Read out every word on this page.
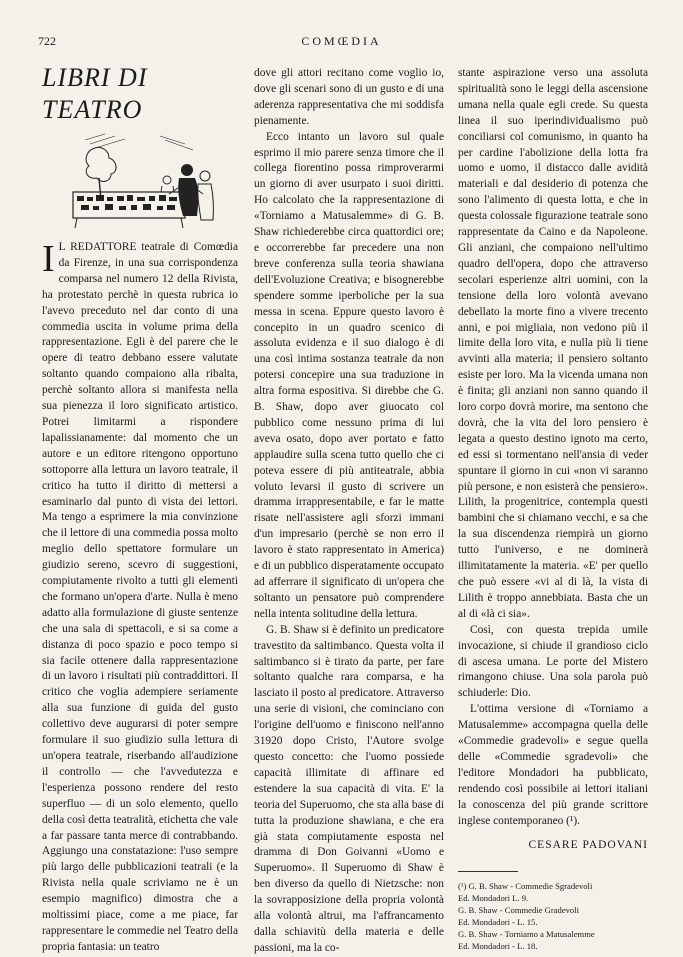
722	COMŒDIA
LIBRI DI TEATRO

I L REDATTORE teatrale di Comœdia da Firenze, in una sua corrispondenza comparsa nel numero 12 della Rivista, ha protestato perchè in questa rubrica io l'avevo preceduto nel dar conto di una commedia uscita in volume prima della rappresentazione. Egli è del parere che le opere di teatro debbano essere valutate soltanto quando compaiono alla ribalta, perchè soltanto allora si manifesta nella sua pienezza il loro significato artistico. Potrei limitarmi a rispondere lapalissianamente: dal momento che un autore e un editore ritengono opportuno sottoporre alla lettura un lavoro teatrale, il critico ha tutto il diritto di mettersi a esaminarlo dal punto di vista dei lettori. Ma tengo a esprimere la mia convinzione che il lettore di una commedia possa molto meglio dello spettatore formulare un giudizio sereno, scevro di suggestioni, compiutamente rivolto a tutti gli elementi che formano un'opera d'arte. Nulla è meno adatto alla formulazione di giuste sentenze che una sala di spettacoli, e si sa come a distanza di poco spazio e poco tempo si sia facile ottenere dalla rappresentazione di un lavoro i risultati più contraddittori. Il critico che voglia adempiere seriamente alla sua funzione di guida del gusto collettivo deve augurarsi di poter sempre formulare il suo giudizio sulla lettura di un'opera teatrale, riserbando all'audizione il controllo — che l'avvedutezza e l'esperienza possono rendere del resto superfluo — di un solo elemento, quello della così detta teatralità, etichetta che vale a far passare tanta merce di contrabbando. Aggiungo una constatazione: l'uso sempre più largo delle pubblicazioni teatrali (e la Rivista nella quale scriviamo ne è un esempio magnifico) dimostra che a moltissimi piace, come a me piace, far rappresentare le commedie nel Teatro della propria fantasia: un teatro

dove gli attori recitano come voglio io, dove gli scenari sono di un gusto e di una aderenza rappresentativa che mi soddisfa pienamente.

Ecco intanto un lavoro sul quale esprimo il mio parere senza timore che il collega fiorentino possa rimproverarmi un giorno di aver usurpato i suoi diritti. Ho calcolato che la rappresentazione di «Torniamo a Matusalemme» di G. B. Shaw richiederebbe circa quattordici ore; e occorrerebbe far precedere una non breve conferenza sulla teoria shawiana dell'Evoluzione Creativa; e bisognerebbe spendere somme iperboliche per la sua messa in scena. Eppure questo lavoro è concepito in un quadro scenico di assoluta evidenza e il suo dialogo è di una così intima sostanza teatrale da non potersi concepire una sua traduzione in altra forma espositiva. Si direbbe che G. B. Shaw, dopo aver giuocato col pubblico come nessuno prima di lui aveva osato, dopo aver portato e fatto applaudire sulla scena tutto quello che ci poteva essere di più antiteatrale, abbia voluto levarsi il gusto di scrivere un dramma irrappresentabile, e far le matte risate nell'assistere agli sforzi immani d'un impresario (perchè se non erro il lavoro è stato rappresentato in America) e di un pubblico disperatamente occupato ad afferrare il significato di un'opera che soltanto un pensatore può comprendere nella intenta solitudine della lettura.

G. B. Shaw si è definito un predicatore travestito da saltimbanco. Questa volta il saltimbanco si è tirato da parte, per fare soltanto qualche rara comparsa, e ha lasciato il posto al predicatore. Attraverso una serie di visioni, che cominciano con l'origine dell'uomo e finiscono nell'anno 31920 dopo Cristo, l'Autore svolge questo concetto: che l'uomo possiede capacità illimitate di affinare ed estendere la sua capacità di vita. E' la teoria del Superuomo, che sta alla base di tutta la produzione shawiana, e che era già stata compiutamente esposta nel dramma di Don Goivanni «Uomo e Superuomo». Il Superuomo di Shaw è ben diverso da quello di Nietzsche: non la sovrapposizione della propria volontà alla volontà altrui, ma l'affrancamento dalla schiavitù della materia e delle passioni, ma la co-

stante aspirazione verso una assoluta spiritualità sono le leggi della ascensione umana nella quale egli crede. Su questa linea il suo iperindividualismo può conciliarsi col comunismo, in quanto ha per cardine l'abolizione della lotta fra uomo e uomo, il distacco dalle avidità materiali e dal desiderio di potenza che sono l'alimento di questa lotta, e che in questa colossale figurazione teatrale sono rappresentate da Caino e da Napoleone. Gli anziani, che compaiono nell'ultimo quadro dell'opera, dopo che attraverso secolari esperienze altri uomini, con la tensione della loro volontà avevano debellato la morte fino a vivere trecento anni, e poi migliaia, non vedono più il limite della loro vita, e nulla più li tiene avvinti alla materia; il pensiero soltanto esiste per loro. Ma la vicenda umana non è finita; gli anziani non sanno quando il loro corpo dovrà morire, ma sentono che dovrà, che la vita del loro pensiero è legata a questo destino ignoto ma certo, ed essi si tormentano nell'ansia di veder spuntare il giorno in cui «non vi saranno più persone, e non esisterà che pensiero». Lilith, la progenitrice, contempla questi bambini che si chiamano vecchi, e sa che la sua discendenza riempirà un giorno tutto l'universo, e ne dominerà illimitatamente la materia. «E' per quello che può essere «vi al di là, la vista di Lilith è troppo annebbiata. Basta che un al di «là ci sia».

Così, con questa trepida umile invocazione, si chiude il grandioso ciclo di ascesa umana. Le porte del Mistero rimangono chiuse. Una sola parola può schiuderle: Dio.

L'ottima versione di «Torniamo a Matusalemme» accompagna quella delle «Commedie gradevoli» e segue quella delle «Commedie sgradevoli» che l'editore Mondadori ha pubblicato, rendendo così possibile ai lettori italiani la conoscenza del più grande scrittore inglese contemporaneo (¹).

CESARE PADOVANI
(¹) G. B. Shaw - Commedie Sgradevoli
Ed. Mondadori L. 9.
G. B. Shaw - Commedie Gradevoli
Ed. Mondadori - L. 15.
G. B. Shaw - Torniamo a Matusalemme
Ed. Mondadori - L. 18.
